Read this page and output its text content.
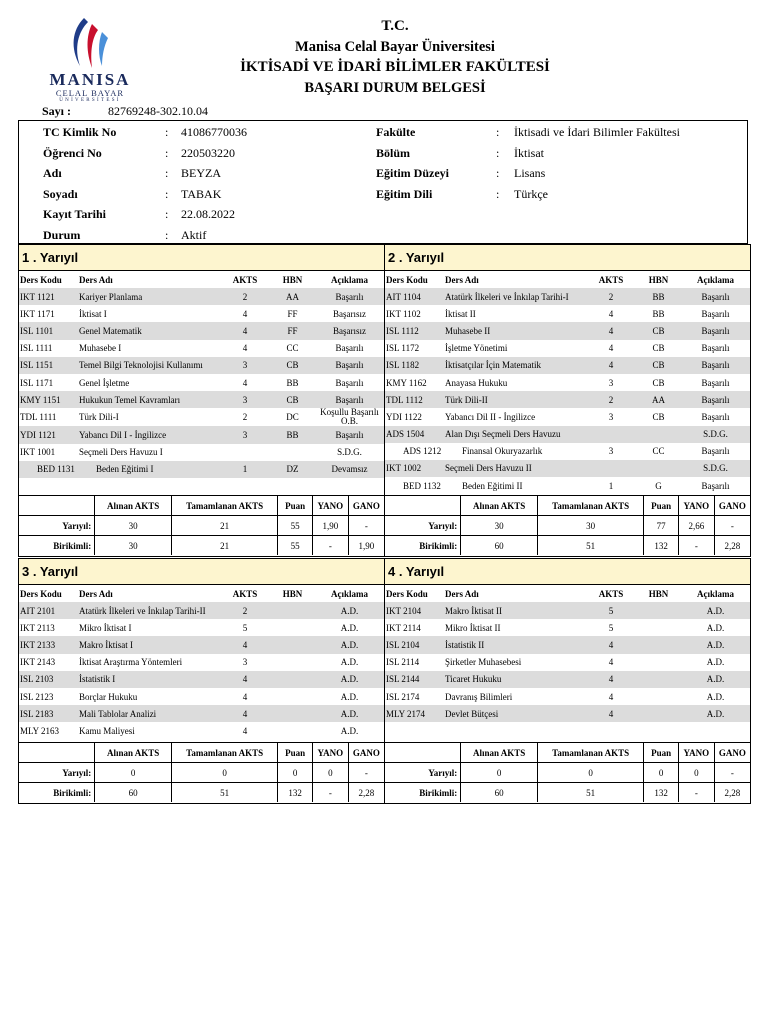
MANISA
CELAL BAYAR
ÜNİVERSİTESİ
T.C.
Manisa Celal Bayar Üniversitesi
İKTİSADİ VE İDARİ BİLİMLER FAKÜLTESİ
BAŞARI DURUM BELGESİ
Sayı :	82769248-302.10.04
TC Kimlik No	: 41086770036
Öğrenci No	: 220503220
Adı	: BEYZA
Soyadı	: TABAK
Kayıt Tarihi	: 22.08.2022
Durum	: Aktif
Fakülte	: İktisadi ve İdari Bilimler Fakültesi
Bölüm	: İktisat
Eğitim Düzeyi	: Lisans
Eğitim Dili	: Türkçe
1 . Yarıyıl
Ders Kodu	Ders Adı	AKTS	HBN	Açıklama
IKT 1121	Kariyer Planlama	2	AA	Başarılı
IKT 1171	İktisat I	4	FF	Başarısız
ISL 1101	Genel Matematik	4	FF	Başarısız
ISL 1111	Muhasebe I	4	CC	Başarılı
ISL 1151	Temel Bilgi Teknolojisi Kullanımı	3	CB	Başarılı
ISL 1171	Genel İşletme	4	BB	Başarılı
KMY 1151	Hukukun Temel Kavramları	3	CB	Başarılı
TDL 1111	Türk Dili-I	2	DC	Koşullu Başarılı O.B.
YDI 1121	Yabancı Dil I - İngilizce	3	BB	Başarılı
IKT 1001	Seçmeli Ders Havuzu I			S.D.G.
BED 1131	Beden Eğitimi I	1	DZ	Devamsız

	Alınan AKTS	Tamamlanan AKTS	Puan	YANO	GANO
Yarıyıl:	30	21	55	1,90	-
Birikimli:	30	21	55	-	1,90
2 . Yarıyıl
Ders Kodu	Ders Adı	AKTS	HBN	Açıklama
AIT 1104	Atatürk İlkeleri ve İnkılap Tarihi-I	2	BB	Başarılı
IKT 1102	İktisat II	4	BB	Başarılı
ISL 1112	Muhasebe II	4	CB	Başarılı
ISL 1172	İşletme Yönetimi	4	CB	Başarılı
ISL 1182	İktisatçılar İçin Matematik	4	CB	Başarılı
KMY 1162	Anayasa Hukuku	3	CB	Başarılı
TDL 1112	Türk Dili-II	2	AA	Başarılı
YDI 1122	Yabancı Dil II - İngilizce	3	CB	Başarılı
ADS 1504	Alan Dışı Seçmeli Ders Havuzu			S.D.G.
ADS 1212	Finansal Okuryazarlık	3	CC	Başarılı
IKT 1002	Seçmeli Ders Havuzu II			S.D.G.
BED 1132	Beden Eğitimi II	1	G	Başarılı
	Alınan AKTS	Tamamlanan AKTS	Puan	YANO	GANO
Yarıyıl:	30	30	77	2,66	-
Birikimli:	60	51	132	-	2,28
3 . Yarıyıl
Ders Kodu	Ders Adı	AKTS	HBN	Açıklama
AIT 2101	Atatürk İlkeleri ve İnkılap Tarihi-II	2		A.D.
IKT 2113	Mikro İktisat I	5		A.D.
IKT 2133	Makro İktisat I	4		A.D.
IKT 2143	İktisat Araştırma Yöntemleri	3		A.D.
ISL 2103	İstatistik I	4		A.D.
ISL 2123	Borçlar Hukuku	4		A.D.
ISL 2183	Mali Tablolar Analizi	4		A.D.
MLY 2163	Kamu Maliyesi	4		A.D.
	Alınan AKTS	Tamamlanan AKTS	Puan	YANO	GANO
Yarıyıl:	0	0	0	0	-
Birikimli:	60	51	132	-	2,28
4 . Yarıyıl
Ders Kodu	Ders Adı	AKTS	HBN	Açıklama
IKT 2104	Makro İktisat II	5		A.D.
IKT 2114	Mikro İktisat II	5		A.D.
ISL 2104	İstatistik II	4		A.D.
ISL 2114	Şirketler Muhasebesi	4		A.D.
ISL 2144	Ticaret Hukuku	4		A.D.
ISL 2174	Davranış Bilimleri	4		A.D.
MLY 2174	Devlet Bütçesi	4		A.D.

	Alınan AKTS	Tamamlanan AKTS	Puan	YANO	GANO
Yarıyıl:	0	0	0	0	-
Birikimli:	60	51	132	-	2,28
